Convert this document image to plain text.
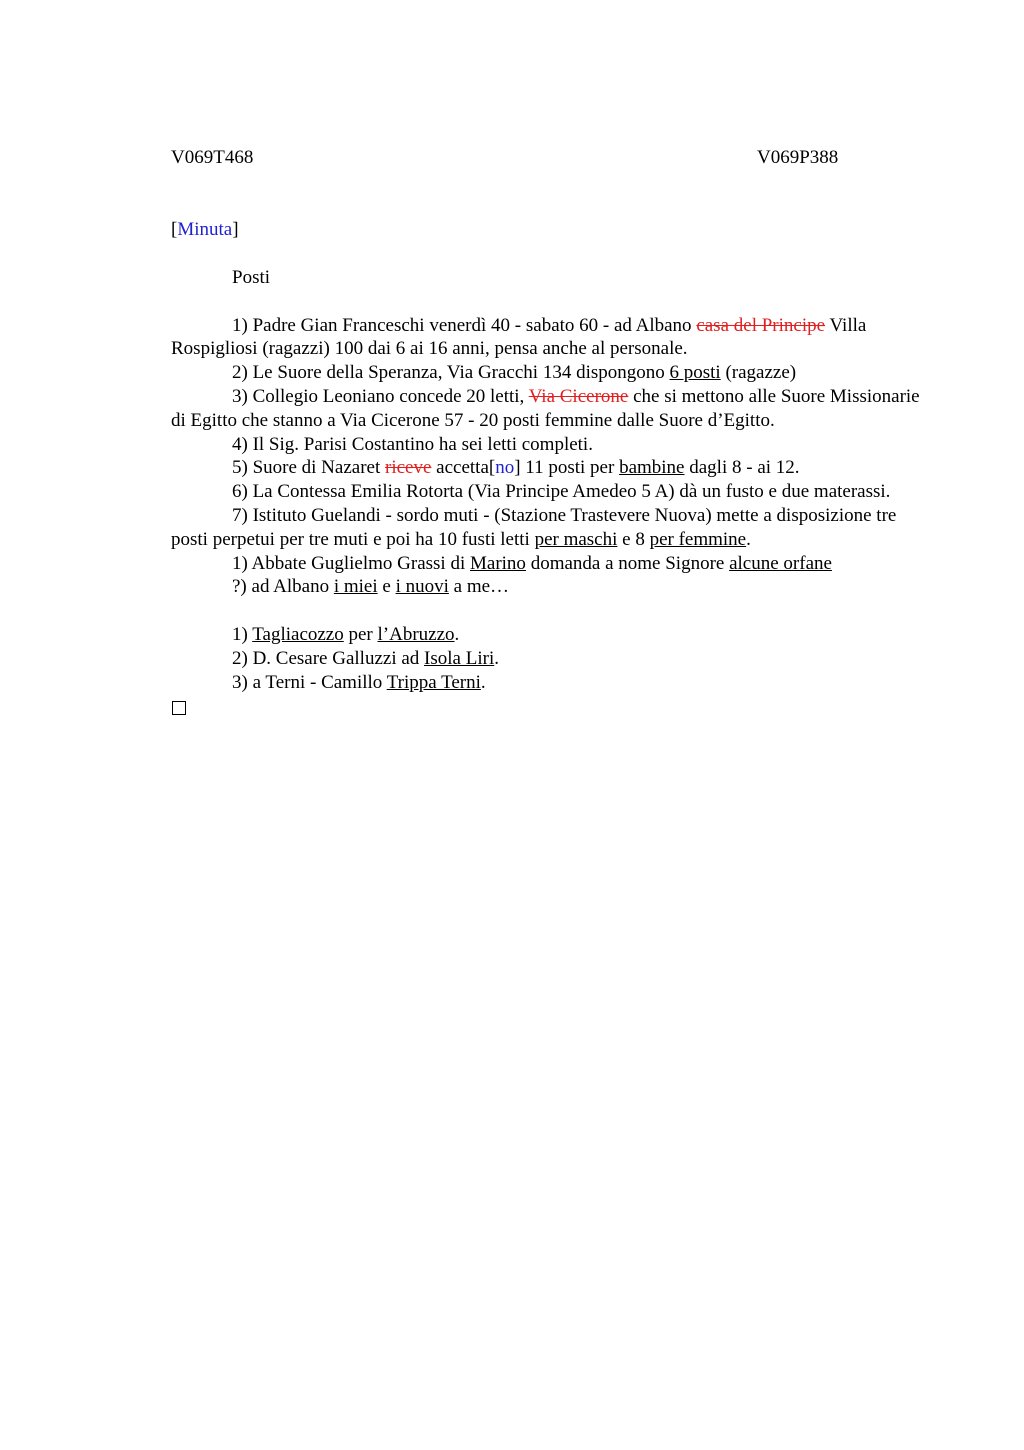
V069T468	V069P388

[Minuta]

Posti

1) Padre Gian Franceschi venerdì 40 - sabato 60 - ad Albano casa del Principe Villa Rospigliosi (ragazzi) 100 dai 6 ai 16 anni, pensa anche al personale.

2) Le Suore della Speranza, Via Gracchi 134 dispongono 6 posti (ragazze)

3) Collegio Leoniano concede 20 letti, Via Cicerone che si mettono alle Suore Missionarie di Egitto che stanno a Via Cicerone 57 - 20 posti femmine dalle Suore d’Egitto.

4) Il Sig. Parisi Costantino ha sei letti completi.

5) Suore di Nazaret riceve accetta[no] 11 posti per bambine dagli 8 - ai 12.

6) La Contessa Emilia Rotorta (Via Principe Amedeo 5 A) dà un fusto e due materassi.

7) Istituto Guelandi - sordo muti - (Stazione Trastevere Nuova) mette a disposizione tre posti perpetui per tre muti e poi ha 10 fusti letti per maschi e 8 per femmine.

1) Abbate Guglielmo Grassi di Marino domanda a nome Signore alcune orfane

?) ad Albano i miei e i nuovi a me…

1) Tagliacozzo per l’Abruzzo.

2) D. Cesare Galluzzi ad Isola Liri.

3) a Terni - Camillo Trippa Terni.
